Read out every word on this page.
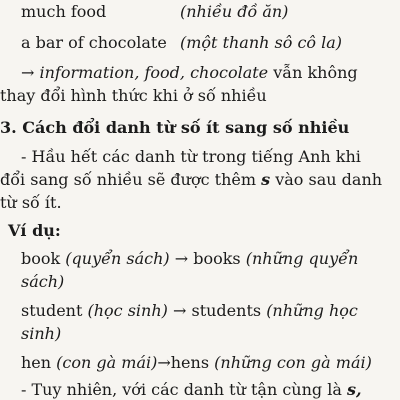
much food	(nhiều đồ ăn)
a bar of chocolate (một thanh sô cô la)
→ information, food, chocolate vẫn không
thay đổi hình thức khi ở số nhiều
3. Cách đổi danh từ số ít sang số nhiều
- Hầu hết các danh từ trong tiếng Anh khi
đổi sang số nhiều sẽ được thêm s vào sau danh
từ số ít.
Ví dụ:
book (quyển sách) → books (những quyển
sách)
student (học sinh) → students (những học
sinh)
hen (con gà mái)→hens (những con gà mái)
- Tuy nhiên, với các danh từ tận cùng là s,
